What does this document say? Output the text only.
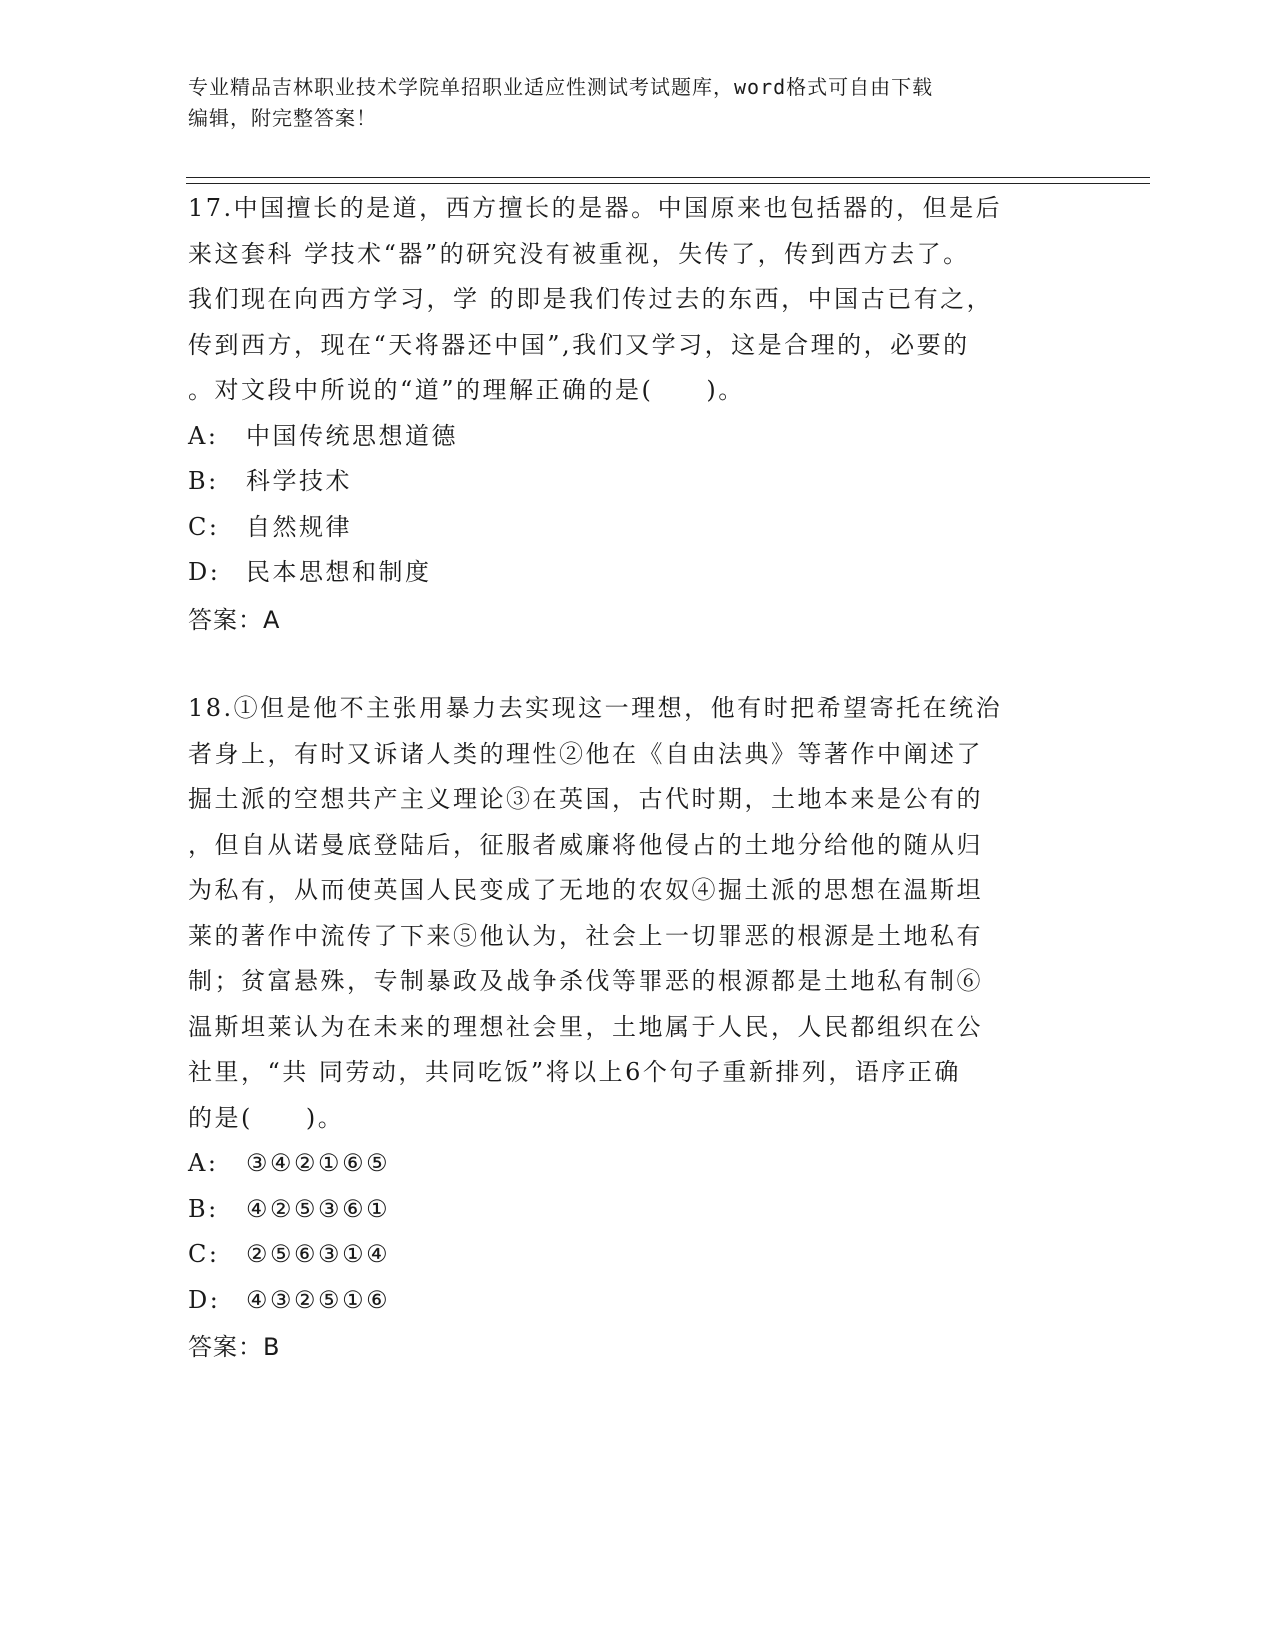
专业精品吉林职业技术学院单招职业适应性测试考试题库，word格式可自由下载
编辑，附完整答案！
17.中国擅长的是道，西方擅长的是器。中国原来也包括器的，但是后
来这套科 学技术“器”的研究没有被重视，失传了，传到西方去了。
我们现在向西方学习，学 的即是我们传过去的东西，中国古已有之，
传到西方，现在“天将器还中国”,我们又学习，这是合理的，必要的
。对文段中所说的“道”的理解正确的是(　　)。
A:	中国传统思想道德
B:	科学技术
C:	自然规律
D:	民本思想和制度
答案：A
18.①但是他不主张用暴力去实现这一理想，他有时把希望寄托在统治
者身上，有时又诉诸人类的理性②他在《自由法典》等著作中阐述了
掘土派的空想共产主义理论③在英国，古代时期，土地本来是公有的
，但自从诺曼底登陆后，征服者威廉将他侵占的土地分给他的随从归
为私有，从而使英国人民变成了无地的农奴④掘土派的思想在温斯坦
莱的著作中流传了下来⑤他认为，社会上一切罪恶的根源是土地私有
制；贫富悬殊，专制暴政及战争杀伐等罪恶的根源都是土地私有制⑥
温斯坦莱认为在未来的理想社会里，土地属于人民，人民都组织在公
社里，“共 同劳动，共同吃饭”将以上6个句子重新排列，语序正确
的是(　　)。
A:	③④②①⑥⑤
B:	④②⑤③⑥①
C:	②⑤⑥③①④
D:	④③②⑤①⑥
答案：B
